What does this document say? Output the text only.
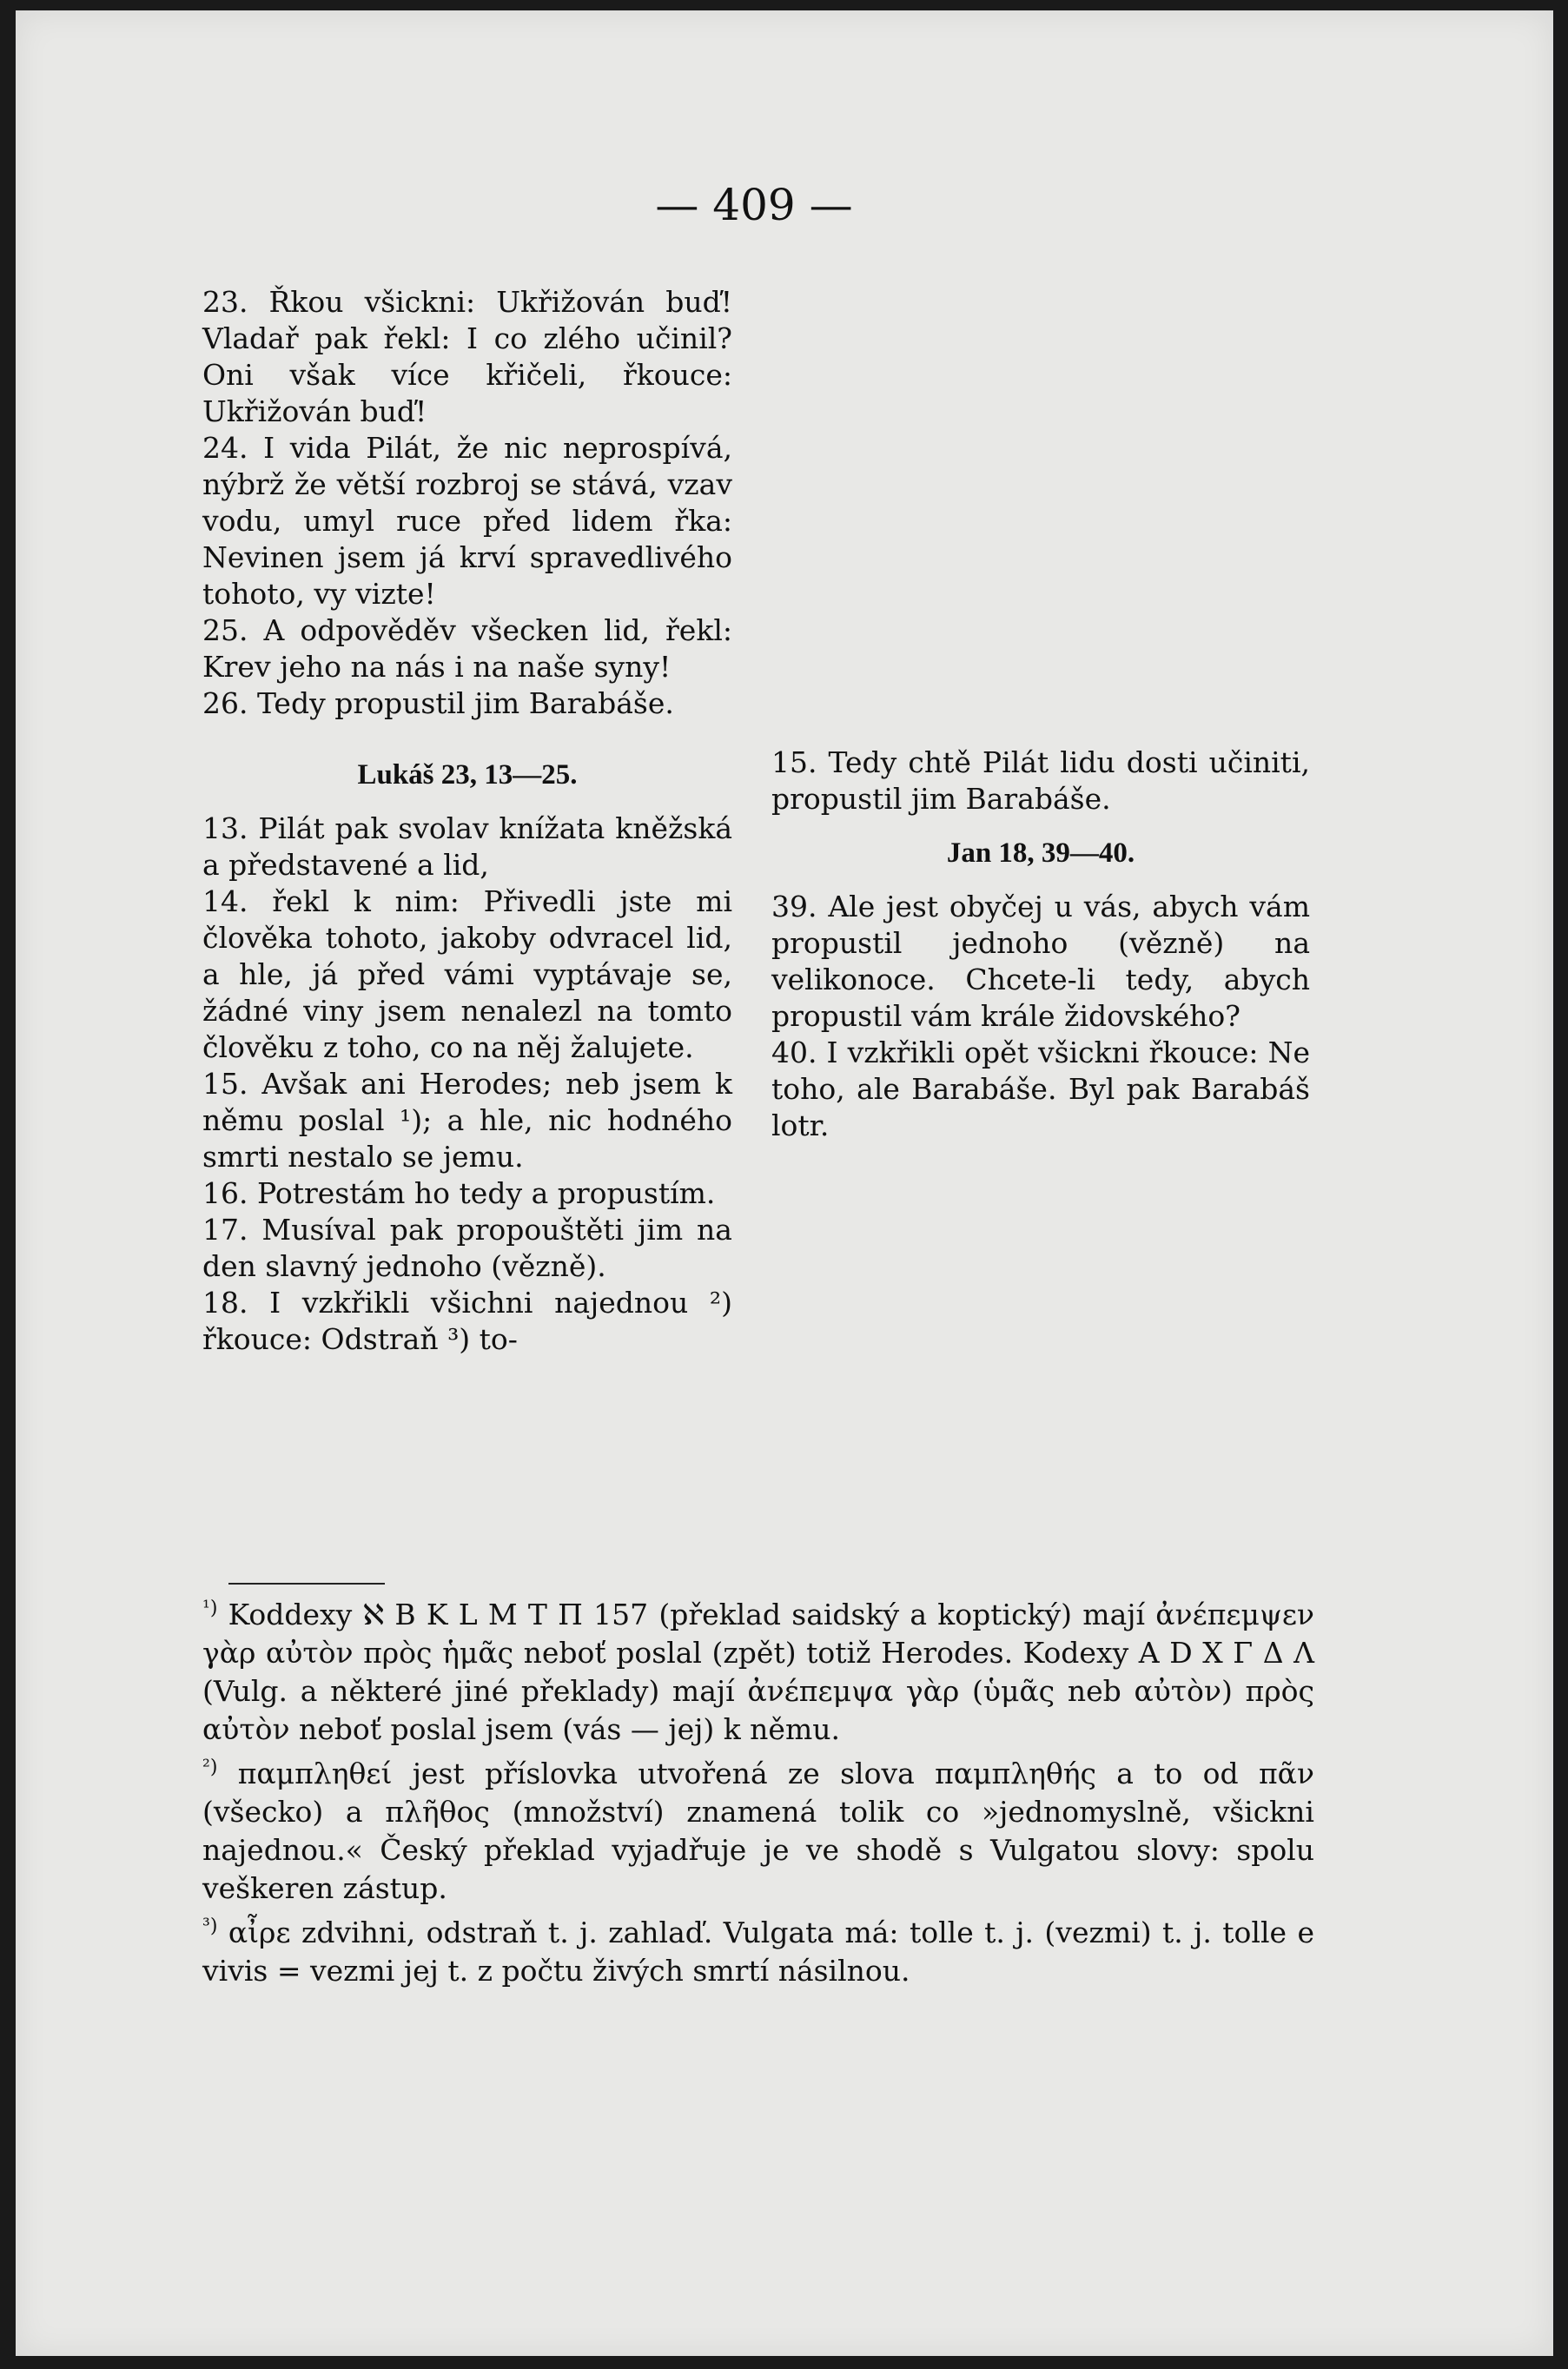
— 409 —

23. Řkou všickni: Ukřižován buď! Vladař pak řekl: I co zlého učinil? Oni však více křičeli, řkouce: Ukřižován buď!

24. I vida Pilát, že nic neprospívá, nýbrž že větší rozbroj se stává, vzav vodu, umyl ruce před lidem řka: Nevinen jsem já krví spravedlivého tohoto, vy vizte!

25. A odpověděv všecken lid, řekl: Krev jeho na nás i na naše syny!

26. Tedy propustil jim Barabáše.

Lukáš 23, 13—25.

13. Pilát pak svolav knížata kněžská a představené a lid,

14. řekl k nim: Přivedli jste mi člověka tohoto, jakoby odvracel lid, a hle, já před vámi vyptávaje se, žádné viny jsem nenalezl na tomto člověku z toho, co na něj žalujete.

15. Avšak ani Herodes; neb jsem k němu poslal ¹); a hle, nic hodného smrti nestalo se jemu.

16. Potrestám ho tedy a propustím.

17. Musíval pak propouštěti jim na den slavný jednoho (vězně).

18. I vzkřikli všichni najednou ²) řkouce: Odstraň ³) to-

15. Tedy chtě Pilát lidu dosti učiniti, propustil jim Barabáše.

Jan 18, 39—40.

39. Ale jest obyčej u vás, abych vám propustil jednoho (vězně) na velikonoce. Chcete-li tedy, abych propustil vám krále židovského?

40. I vzkřikli opět všickni řkouce: Ne toho, ale Barabáše. Byl pak Barabáš lotr.

$^{^1)}$ Koddexy ℵ B K L M T Π 157 (překlad saidský a koptický) mají ἀνέπεμψεν γὰρ αὐτὸν πρὸς ἡμᾶς neboť poslal (zpět) totiž Herodes. Kodexy A D X Γ Δ Λ (Vulg. a některé jiné překlady) mají ἀνέπεμψα γὰρ (ὑμᾶς neb αὐτὸν) πρὸς αὐτὸν neboť poslal jsem (vás — jej) k němu.

$^{^2)}$ παμπληθεί jest příslovka utvořená ze slova παμπληθής a to od πᾶν (všecko) a πλῆθος (množství) znamená tolik co »jednomyslně, všickni najednou.« Český překlad vyjadřuje je ve shodě s Vulgatou slovy: spolu veškeren zástup.

$^{^3)}$ αἶρε zdvihni, odstraň t. j. zahlaď. Vulgata má: tolle t. j. (vezmi) t. j. tolle e vivis = vezmi jej t. z počtu živých smrtí násilnou.
